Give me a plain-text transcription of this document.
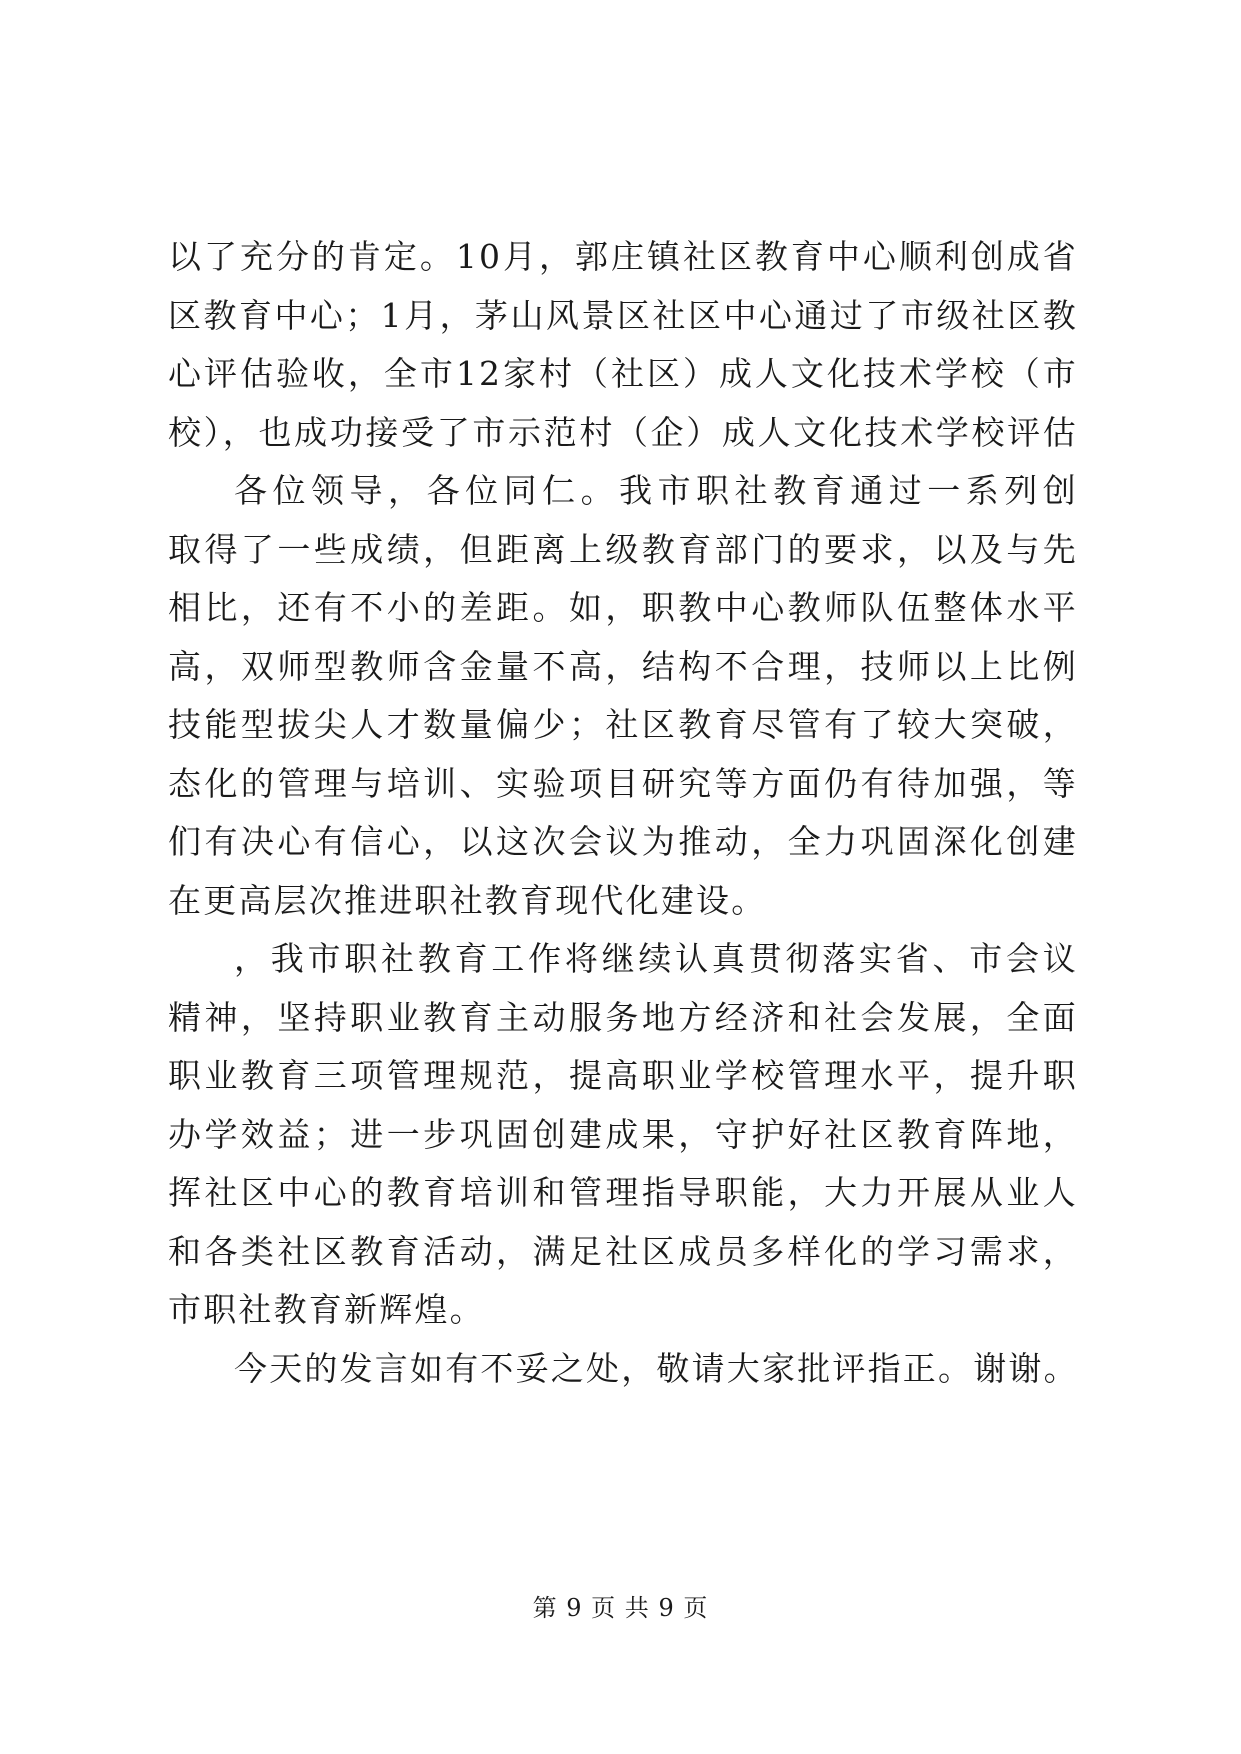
以了充分的肯定。10月，郭庄镇社区教育中心顺利创成省
区教育中心；1月，茅山风景区社区中心通过了市级社区教
心评估验收，全市12家村（社区）成人文化技术学校（市
校），也成功接受了市示范村（企）成人文化技术学校评估
各位领导，各位同仁。我市职社教育通过一系列创
取得了一些成绩，但距离上级教育部门的要求，以及与先
相比，还有不小的差距。如，职教中心教师队伍整体水平
高，双师型教师含金量不高，结构不合理，技师以上比例
技能型拔尖人才数量偏少；社区教育尽管有了较大突破，
态化的管理与培训、实验项目研究等方面仍有待加强，等
们有决心有信心，以这次会议为推动，全力巩固深化创建
在更高层次推进职社教育现代化建设。
，我市职社教育工作将继续认真贯彻落实省、市会议
精神，坚持职业教育主动服务地方经济和社会发展，全面
职业教育三项管理规范，提高职业学校管理水平，提升职
办学效益；进一步巩固创建成果，守护好社区教育阵地，
挥社区中心的教育培训和管理指导职能，大力开展从业人
和各类社区教育活动，满足社区成员多样化的学习需求，
市职社教育新辉煌。
今天的发言如有不妥之处，敬请大家批评指正。谢谢。
第 9 页 共 9 页
